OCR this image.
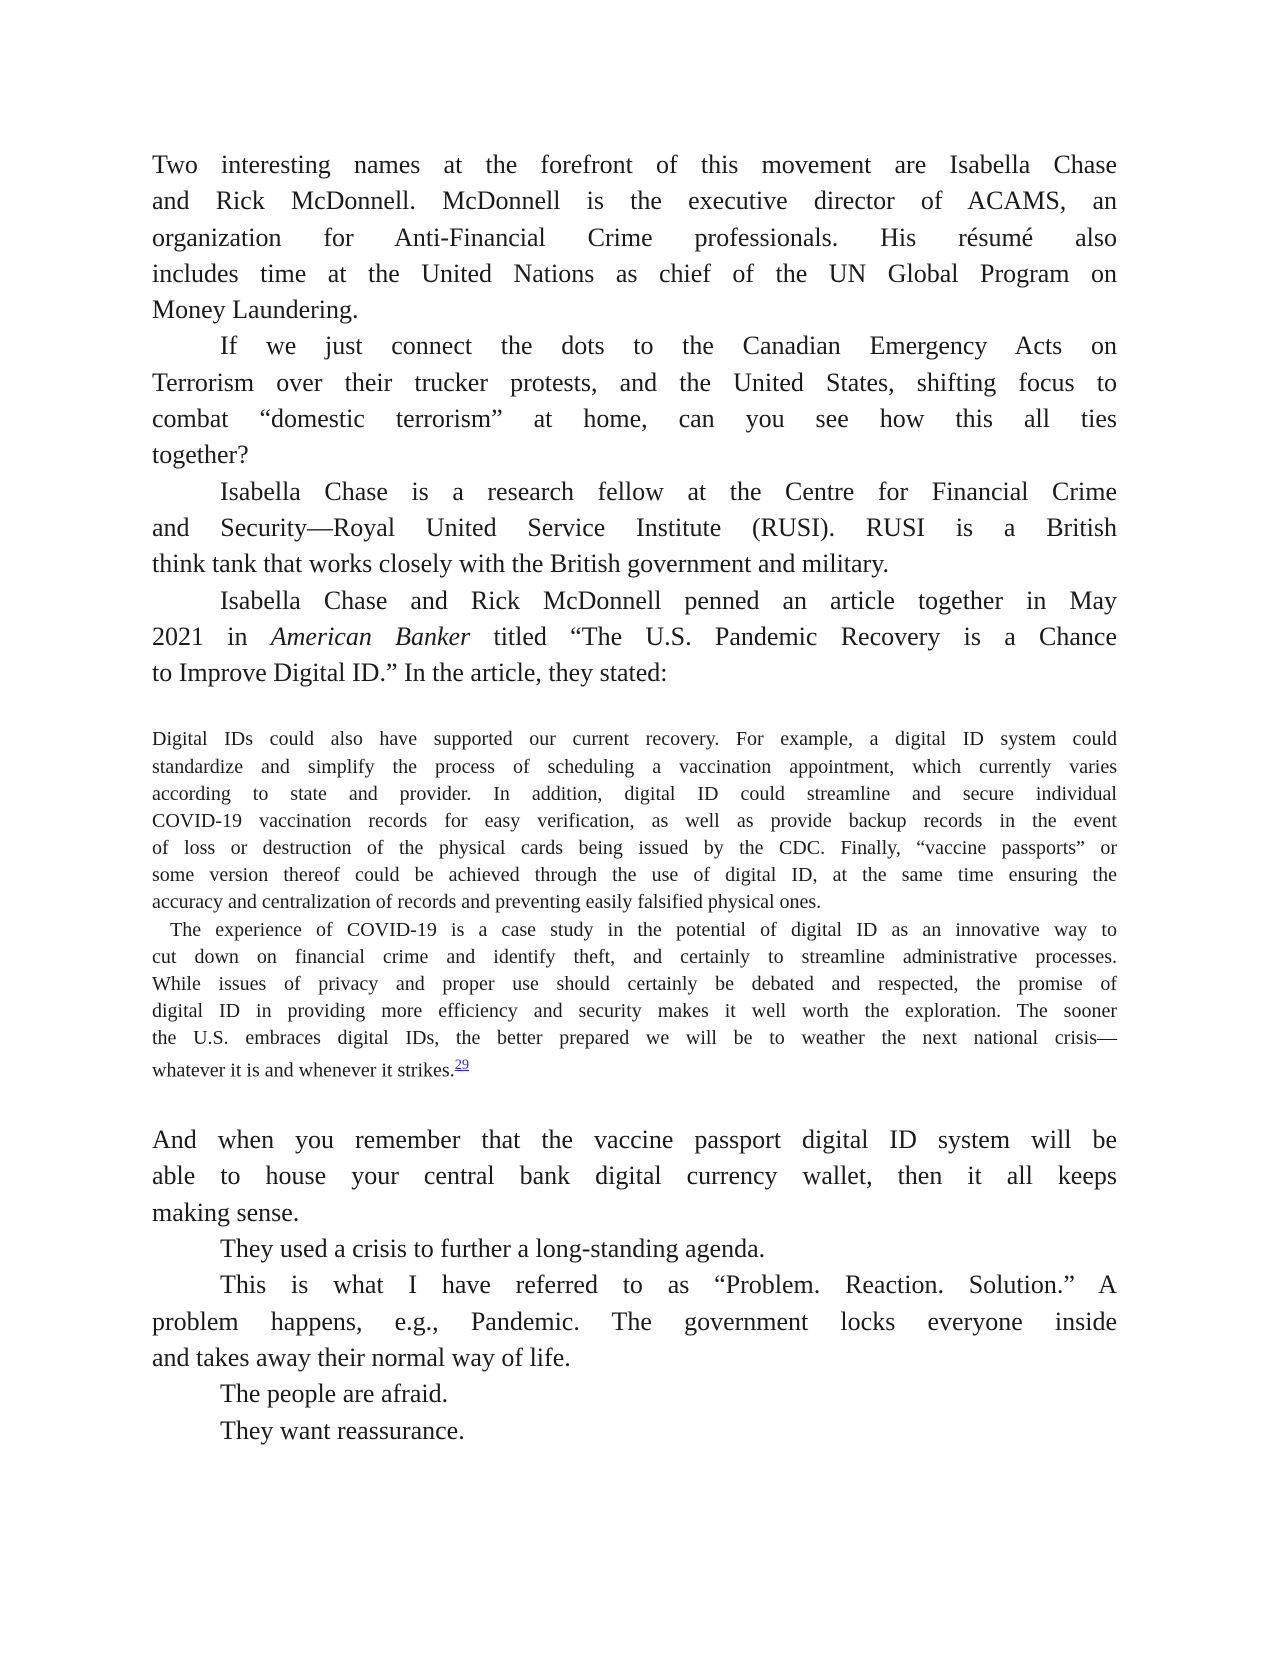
Two interesting names at the forefront of this movement are Isabella Chase
and Rick McDonnell. McDonnell is the executive director of ACAMS, an
organization for Anti-Financial Crime professionals. His résumé also
includes time at the United Nations as chief of the UN Global Program on
Money Laundering.
If we just connect the dots to the Canadian Emergency Acts on
Terrorism over their trucker protests, and the United States, shifting focus to
combat “domestic terrorism” at home, can you see how this all ties
together?
Isabella Chase is a research fellow at the Centre for Financial Crime
and Security—Royal United Service Institute (RUSI). RUSI is a British
think tank that works closely with the British government and military.
Isabella Chase and Rick McDonnell penned an article together in May
2021 in American Banker titled “The U.S. Pandemic Recovery is a Chance
to Improve Digital ID.” In the article, they stated:
Digital IDs could also have supported our current recovery. For example, a digital ID system could
standardize and simplify the process of scheduling a vaccination appointment, which currently varies
according to state and provider. In addition, digital ID could streamline and secure individual
COVID-19 vaccination records for easy verification, as well as provide backup records in the event
of loss or destruction of the physical cards being issued by the CDC. Finally, “vaccine passports” or
some version thereof could be achieved through the use of digital ID, at the same time ensuring the
accuracy and centralization of records and preventing easily falsified physical ones.
The experience of COVID-19 is a case study in the potential of digital ID as an innovative way to
cut down on financial crime and identify theft, and certainly to streamline administrative processes.
While issues of privacy and proper use should certainly be debated and respected, the promise of
digital ID in providing more efficiency and security makes it well worth the exploration. The sooner
the U.S. embraces digital IDs, the better prepared we will be to weather the next national crisis—
whatever it is and whenever it strikes.$^{29}$
And when you remember that the vaccine passport digital ID system will be
able to house your central bank digital currency wallet, then it all keeps
making sense.
They used a crisis to further a long-standing agenda.
This is what I have referred to as “Problem. Reaction. Solution.” A
problem happens, e.g., Pandemic. The government locks everyone inside
and takes away their normal way of life.
The people are afraid.
They want reassurance.
